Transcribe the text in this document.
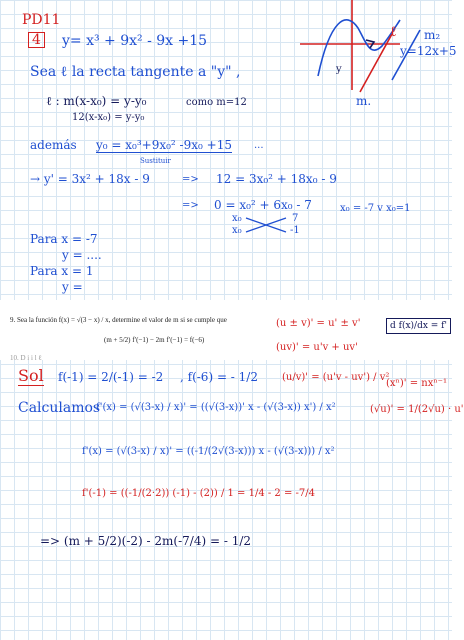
PD11
4 y= x³ + 9x² - 9x +15
ℓ m₂
y=12x+5
m.
y
Sea ℓ la recta tangente a "y" ,
ℓ : m(x-x₀) = y-y₀	como m=12
12(x-x₀) = y-y₀
además y₀ = x₀³+9x₀² -9x₀ +15 ...
Sustituir
→ y' = 3x² + 18x - 9	=> 12 = 3x₀² + 18x₀ - 9
=> 0 = x₀² + 6x₀ - 7
x₀
x₀
7
-1
x₀ = -7 v x₀=1
Para x = -7
y = ....
Para x = 1
y =
9. Sea la función f(x) = √(3 − x) / x, determine el valor de m si se cumple que
(m + 5/2) f′(−1) − 2m f′(−1) = f(−6)
10. D i i l ℓ
(u ± v)' = u' ± v'
(uv)' = u'v + uv'
d f(x)/dx = f'
(u/v)' = (u'v - uv') / v²
(xⁿ)' = nxⁿ⁻¹
(√u)' = 1/(2√u) · u'
Sol f(-1) = 2/(-1) = -2 , f(-6) = - 1/2
Calculamos
f'(x) = (√(3-x) / x)' = ((√(3-x))' x - (√(3-x)) x') / x²
f'(x) = (√(3-x) / x)' = ((-1/(2√(3-x))) x - (√(3-x))) / x²
f'(-1) = ((-1/(2·2)) (-1) - (2)) / 1 = 1/4 - 2 = -7/4
=> (m + 5/2)(-2) - 2m(-7/4) = - 1/2
